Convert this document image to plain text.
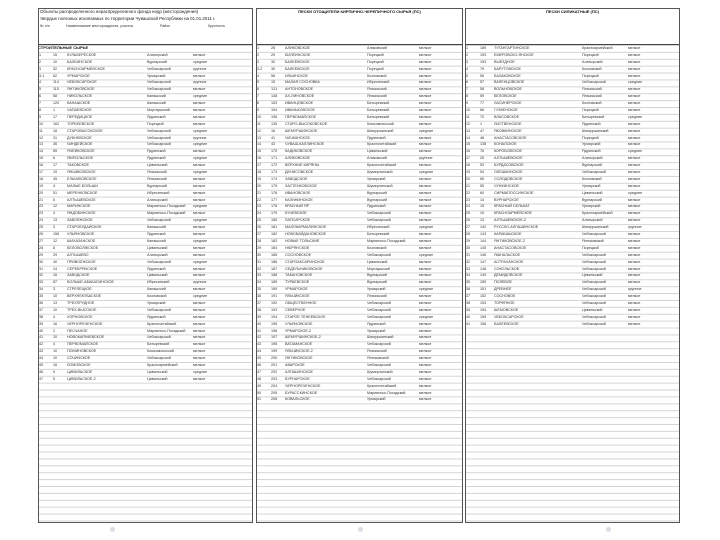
Объекты распределенного нераспределенного фонда недр (месторождения)
твердых полезных ископаемых по территории Чувашской Республики на 01.01.2011 г.
№ п/п	Наименование месторождения, участка	Район	Крупность
СТРОИТЕЛЬНЫЕ СЫРЬЕ
1	15	КУЛЬБЕРЕСКОЕ	Алатырский	мелкое
2	10	БАЛБИНСКОЕ	Вурнарский	средние
3	52	КРАСНОАРМЕЙСКОЕ	Чебоксарский	крупное
3-1	62	УРМАРСКОЕ	Урмарский	мелкое
4	114	ЧЕБОКСАРСКОЕ	Чебоксарский	крупное
5	115	ЯНТИКОВСКОЕ	Чебоксарский	мелкое
6	58	НИКОЛЬСКОЕ	Канашский	средние
7	120	КАНАШСКОЕ	Канашский	мелкое
8	1	ЧАПАЕВСКОЕ	Моргаушский	мелкое
9	17	ПЕРЕДИЦКОЕ	Ядринский	мелкое
10	162	ТОРБЕЕВСКОЕ	Порецкий	мелкое
11	18	СТАРОВЫСОКСКОЕ	Чебоксарский	средние
12	31	ДУБНЕВСКОЕ	Чебоксарский	крупное
13	36	ЧИНДЕЙСКОЕ	Чебоксарский	средние
14	65	ЯЧЕЙКОВСКОЕ	Ядринский	мелкое
15	6	ЯМПОЛЬСКОЕ	Ядринский	средние
16	17	ТАКОВСКОЕ	Цивильский	мелкое
17	19	ЯНШИКОВСКОЕ	Яльчикский	средние
18	45	ЕЛЬЧИКОВСКОЕ	Яльчикский	мелкое
19	4	МАЛЫЕ БОЛЬШИ	Вурнарский	мелкое
20	51	МЕРЕНКОВСКОЕ	Ибресинский	мелкое
21	6	АЛТЫШЕВСКОЕ	Алатырский	мелкое
22	12	МАРИНСКОЕ	Мариинско-Посадский	средние
23	4	ЯНДОБИНСКОЕ	Мариинско-Посадский	мелкое
24	13	ЗАВОЛЖСКОЕ	Чебоксарский	средние
25	3	СТАРОБУДАЙСКОЕ	Канашский	мелкое
26	156	УЛЬЯНОВСКОЕ	Ядринский	мелкое
27	12	ШИХАЗАНСКОЕ	Канашский	средние
28	8	БЕЛОВОЛЖСКОЕ	Цивильский	мелкое
29	29	АЛТЫШЕВО	Алатырский	мелкое
30	40	ПРИВОЛЖСКОЕ	Чебоксарский	средние
31	24	СЕРЕБРЯНСКОЕ	Ядринский	мелкое
32	16	ЗАВОДСКОЕ	Цивильский	мелкое
33	87	БОЛЬШЕ-АБАКАСИНСКОЕ	Ибресинский	крупное
34	3	СТРЕЛЕЦКОЕ	Канашский	мелкое
35	10	ВЕРХНЕКУБАСКОЕ	Козловский	средние
36	13	ТРЕХПРУДНОЕ	Урмарский	мелкое
37	10	ТРЕХ-ВЫСОКОЕ	Чебоксарский	мелкое
38	4	ХОРНОВСКОЕ	Ядринский	мелкое
39	16	ЧЕРНОРЕЧЕНСКОЕ	Красночетайский	мелкое
40	2	ПЕСЧАНОЕ	Мариинско-Посадский	мелкое
41	10	НОВОКАРАЧЕВСКОЕ	Чебоксарский	мелкое
42	4	ПЕРВОМАЙСКОЕ	Батыревский	мелкое
43	10	ПОМИНОВСКОЕ	Комсомольский	мелкое
44	10	СОЧИНСКОЕ	Чебоксарский	мелкое
45	16	ЛОМОВСКОЕ	Красноармейский	мелкое
46	9	ЦИВИЛЬСКОЕ	Цивильский	средние
47	5	ЦИВИЛЬСКОЕ-2	Цивильский	мелкое
ПЕСКИ ОТОЩИТЕЛИ КИРПИЧНО-ЧЕРЕПИЧНОГО СЫРЬЯ (ПС)
1	28	АЛИКОВСКОЕ	Аликовский	мелкое
2	29	БИЛЕИНСКОЕ	Порецкий	мелкое
3	30	БАЛЕЕВСКОЕ	Порецкий	мелкое
3-2	30	БАЛЕЕВСКОЕ	Порецкий	мелкое
4	58	ИЛЬИНСКОЕ	Козловский	мелкое
5	15	МАЛАЯ СОСНОВКА	Ибресинский	мелкое
6	131	АНТОНОВСКОЕ	Яльчикский	мелкое
7	148	АХ-ЛИНОВСКОЕ	Яльчикский	мелкое
8	153	ИВАНЦОВСКОЕ	Батыревский	мелкое
9	154	ИВАНЬКОВСКОЕ	Батыревский	мелкое
10	156	ПЕРВОМАЙСКОЕ	Батыревский	мелкое
11	135	СТАРО-ВЫСОКОВСКОЕ	Комсомольский	мелкое
12	16	ШЕМУРШИНСКОЕ	Шемуршинский	средние
13	41	ЧИЧКАНСКОЕ	Ядринский	мелкое
14	43	ЧУВАШ-КАЛЛИНСКОЕ	Красночетайский	мелкое
15	170	КАДИКОВСКОЕ	Цивильский	мелкое
16	171	АЛИКОВСКОЕ	Аликовский	крупное
17	172	ВЕРХНИЕ КИРЯНЫ	Красночетайский	мелкое
18	173	ДЕНИСОВСКОЕ	Шумерлинский	средние
19	174	ЗАВОДСКОЕ	Урмарский	мелкое
20	175	ЗАСТЕНКОВСКОЕ	Шумерлинский	мелкое
21	176	ИВАНОВСКОЕ	Вурнарский	мелкое
22	177	КАЛИНИНСКОЕ	Вурнарский	мелкое
23	178	КРАСНЫЙ ЯР	Ядринский	мелкое
24	179	КУЧЕВСКОЕ	Чебоксарский	мелкое
25	180	ЛАПСАРСКОЕ	Чебоксарский	мелкое
26	181	МАЛОКАРМАЛИНСКОЕ	Ибресинский	средние
27	182	НОВОБАЙДАНОВСКОЕ	Батыревский	мелкое
28	183	НОВЫЕ ТОЛЬСКИЕ	Мариинско-Посадский	мелкое
29	184	НЮРЯНСКОЕ	Козловский	мелкое
30	185	СОСНОВСКОЕ	Чебоксарский	средние
31	186	СТАРОАКСАРИНСКОЕ	Цивильский	мелкое
32	187	СЕДЕЛЬНИКОВСКОЕ	Моргаушский	мелкое
33	188	ТАБАНОВСКОЕ	Вурнарский	мелкое
34	189	ТУРАЕВСКОЕ	Вурнарский	мелкое
35	190	УРМАРСКОЕ	Урмарский	средние
36	191	ЯЛЬЧИКСКОЕ	Яльчикский	мелкое
37	192	ОБЩЕСТВЕННОЕ	Чебоксарский	мелкое
38	193	СЕВЕРНОЕ	Чебоксарский	мелкое
39	194	СТАРОЕ ТЕНЕЕВСКОЕ	Чебоксарский	средние
40	195	УЛЬЯНОВСКОЕ	Ядринский	мелкое
41	196	УРМАРСКОЕ-2	Урмарский	мелкое
42	197	ШЕМУРШИНСКОЕ-2	Шемуршинский	мелкое
43	198	ВАТАМАНСКОЕ	Чебоксарский	мелкое
44	199	ЯЛЬЧИКСКОЕ-2	Яльчикский	мелкое
45	200	ЯНТИКОВСКОЕ	Янтиковский	мелкое
46	201	АВАРСКОЕ	Чебоксарский	мелкое
47	202	АЛГАШИНСКОЕ	Шумерлинский	мелкое
48	203	БУРНАРСКОЕ	Чебоксарский	мелкое
49	204	ЧЕРНОРЕЧЕНСКОЕ	Красночетайский	мелкое
50	205	БУРАССКИНСКОЕ	Мариинско-Посадский	мелкое
51	206	КОВАЛЬСКОЕ	Урмарский	мелкое
ПЕСКИ СИЛИКАТНЫЕ (ПС)
1	189	ТУГАНГАРТИНСКОЕ	Красноармейский	мелкое
2	193	ЕМЕРОВСКО-ЯНСКОЕ	Порецкий	мелкое
3	193	ВЫЕЗДНОЕ	Алатырский	мелкое
4	79	БАРУТОВСКОЕ	Козловский	мелкое
5	56	БАЗАКОВСКОЕ	Порецкий	мелкое
6	57	ВАЛЕНЦОВСКОЕ	Чебоксарский	средние
7	58	ВОЛЬНОВСКОЕ	Яльчикский	мелкое
8	59	БЕЛОВСКОЕ	Яльчикский	мелкое
9	77	ЛАСИНЕРСКОЕ	Козловский	мелкое
10	66	ГУЗКЕНСКОЕ	Порецкий	мелкое
11	70	ВЛАСОВСКОЕ	Батыревский	средние
12	1	ЛИСТВЕНСКОЕ	Ядринский	мелкое
13	47	ЯКОВКИНСКОЕ	Шемуршинский	мелкое
14	48	АНАСТАСОВСКОЕ	Порецкий	мелкое
15	138	КОНАЛСКОЕ	Урмарский	мелкое
16	76	КОРОБОВСКОЕ	Ядринский	средние
17	25	АЛТЫШЕВСКОЕ	Алатырский	мелкое
18	53	БУРДАСОВСКОЕ	Вурнарский	мелкое
19	54	ОЛЕШКИНСКОЕ	Чебоксарский	мелкое
20	65	СОЛОДОВСКОЕ	Козловский	мелкое
21	55	ЧУНКИНСКОЕ	Урмарский	мелкое
22	60	СИРМАПОССИНСКОЕ	Цивильский	средние
23	14	ВУРНАРСКОЕ	Вурнарский	мелкое
24	15	КРАСНЫЙ СЕЛЬКАТ	Урмарский	мелкое
25	10	КРАСНОАРМЕЙСКОЕ	Красноармейский	мелкое
26	13	АЛТЫШЕВСКОЕ-2	Алатырский	мелкое
27	142	РУССКО-АЛГАШИНСКОЕ	Шемуршинский	крупное
28	143	КАРАБАШСКОЕ	Чебоксарский	мелкое
29	144	ЯНТИКОВСКОЕ-2	Янтиковский	мелкое
30	145	АНАСТАСОВСКОЕ	Порецкий	мелкое
31	146	ЯШНАЛЬСКОЕ	Чебоксарский	мелкое
32	147	АСТРАХАНСКОЕ	Чебоксарский	мелкое
33	148	СОКОЛЬСКОЕ	Чебоксарский	мелкое
34	149	ДЕМИДОВСКОЕ	Цивильский	мелкое
35	150	ПОЛЕВОЕ	Чебоксарский	мелкое
36	151	ДРЕВНЕЕ	Чебоксарский	крупное
37	152	СОСНОВОЕ	Чебоксарский	мелкое
38	153	ТОРФЯНОЕ	Чебоксарский	мелкое
39	154	ШЕМОВСКОЕ	Цивильский	мелкое
40	155	ЧЕБОКСАРСКОЕ	Чебоксарский	мелкое
41	156	БАЛЕЕВСКОЕ	Чебоксарский	мелкое
